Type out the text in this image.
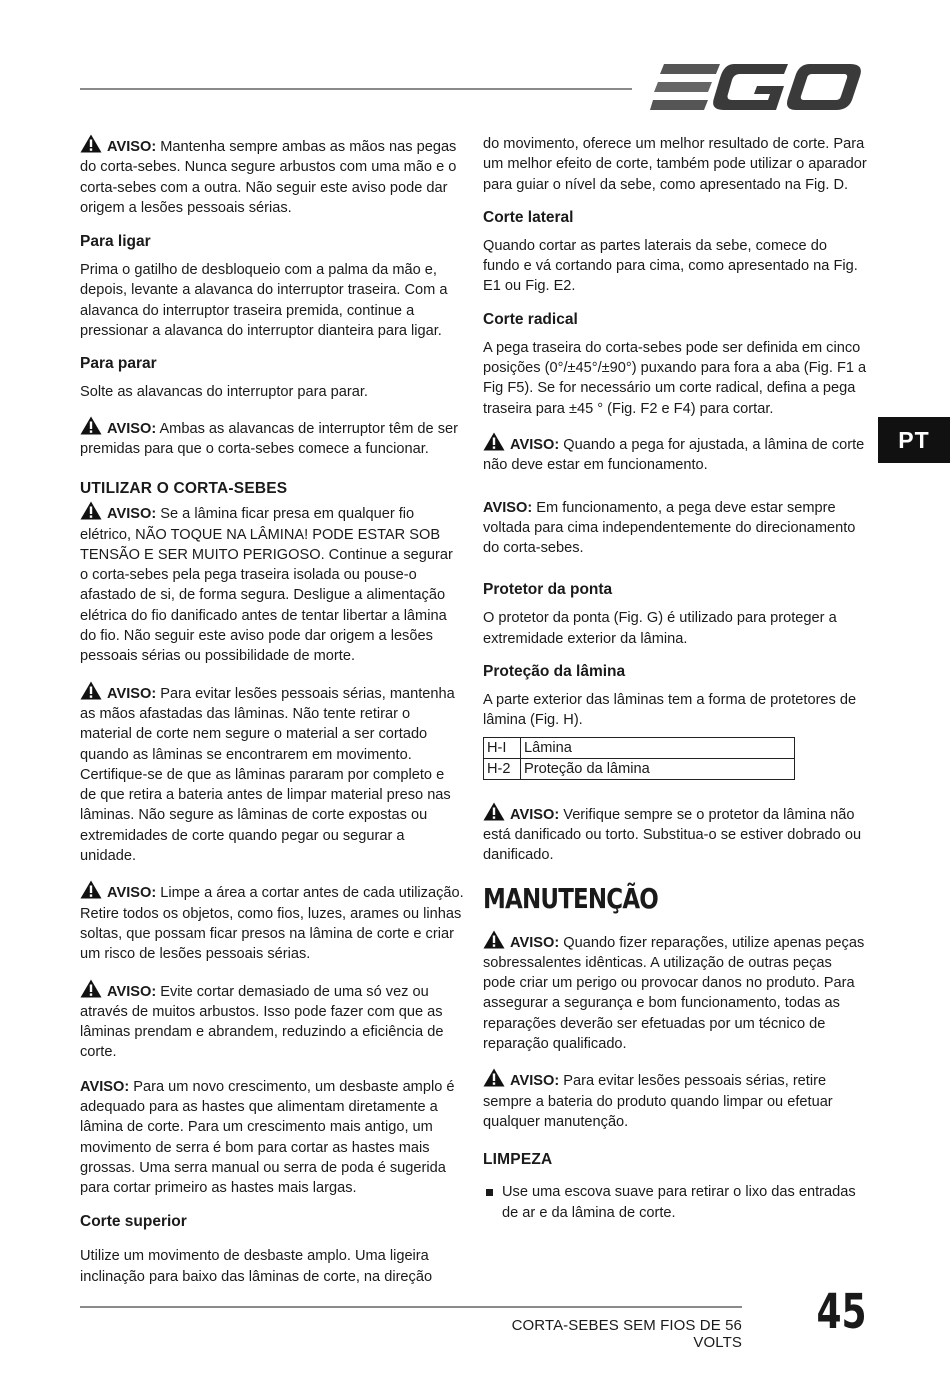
PT

AVISO: Mantenha sempre ambas as mãos nas pegas do corta-sebes. Nunca segure arbustos com uma mão e o corta-sebes com a outra. Não seguir este aviso pode dar origem a lesões pessoais sérias.

Para ligar

Prima o gatilho de desbloqueio com a palma da mão e, depois, levante a alavanca do interruptor traseira. Com a alavanca do interruptor traseira premida, continue a pressionar a alavanca do interruptor dianteira para ligar.

Para parar

Solte as alavancas do interruptor para parar.

AVISO: Ambas as alavancas de interruptor têm de ser premidas para que o corta-sebes comece a funcionar.

UTILIZAR O CORTA-SEBES

AVISO: Se a lâmina ficar presa em qualquer fio elétrico, NÃO TOQUE NA LÂMINA! PODE ESTAR SOB TENSÃO E SER MUITO PERIGOSO. Continue a segurar o corta-sebes pela pega traseira isolada ou pouse-o afastado de si, de forma segura. Desligue a alimentação elétrica do fio danificado antes de tentar libertar a lâmina do fio. Não seguir este aviso pode dar origem a lesões pessoais sérias ou possibilidade de morte.

AVISO: Para evitar lesões pessoais sérias, mantenha as mãos afastadas das lâminas. Não tente retirar o material de corte nem segure o material a ser cortado quando as lâminas se encontrarem em movimento. Certifique-se de que as lâminas pararam por completo e de que retira a bateria antes de limpar material preso nas lâminas. Não segure as lâminas de corte expostas ou extremidades de corte quando pegar ou segurar a unidade.

AVISO: Limpe a área a cortar antes de cada utilização. Retire todos os objetos, como fios, luzes, arames ou linhas soltas, que possam ficar presos na lâmina de corte e criar um risco de lesões pessoais sérias.

AVISO: Evite cortar demasiado de uma só vez ou através de muitos arbustos. Isso pode fazer com que as lâminas prendam e abrandem, reduzindo a eficiência de corte.

AVISO: Para um novo crescimento, um desbaste amplo é adequado para as hastes que alimentam diretamente a lâmina de corte. Para um crescimento mais antigo, um movimento de serra é bom para cortar as hastes mais grossas. Uma serra manual ou serra de poda é sugerida para cortar primeiro as hastes mais largas.

Corte superior

Utilize um movimento de desbaste amplo. Uma ligeira inclinação para baixo das lâminas de corte, na direção

do movimento, oferece um melhor resultado de corte. Para um melhor efeito de corte, também pode utilizar o aparador para guiar o nível da sebe, como apresentado na Fig. D.

Corte lateral

Quando cortar as partes laterais da sebe, comece do fundo e vá cortando para cima, como apresentado na Fig. E1 ou Fig. E2.

Corte radical

A pega traseira do corta-sebes pode ser definida em cinco posições (0°/±45°/±90°) puxando para fora a aba (Fig. F1 a Fig F5). Se for necessário um corte radical, defina a pega traseira para ±45 ° (Fig. F2 e F4) para cortar.

AVISO: Quando a pega for ajustada, a lâmina de corte não deve estar em funcionamento.

AVISO: Em funcionamento, a pega deve estar sempre voltada para cima independentemente do direcionamento do corta-sebes.

Protetor da ponta

O protetor da ponta (Fig. G) é utilizado para proteger a extremidade exterior da lâmina.

Proteção da lâmina

A parte exterior das lâminas tem a forma de protetores de lâmina (Fig. H).

H-I	Lâmina
H-2	Proteção da lâmina

AVISO: Verifique sempre se o protetor da lâmina não está danificado ou torto. Substitua-o se estiver dobrado ou danificado.

MANUTENÇÃO

AVISO: Quando fizer reparações, utilize apenas peças sobressalentes idênticas. A utilização de outras peças pode criar um perigo ou provocar danos no produto. Para assegurar a segurança e bom funcionamento, todas as reparações deverão ser efetuadas por um técnico de reparação qualificado.

AVISO: Para evitar lesões pessoais sérias, retire sempre a bateria do produto quando limpar ou efetuar qualquer manutenção.

LIMPEZA
Use uma escova suave para retirar o lixo das entradas de ar e da lâmina de corte.
CORTA-SEBES SEM FIOS DE 56 VOLTS
45
